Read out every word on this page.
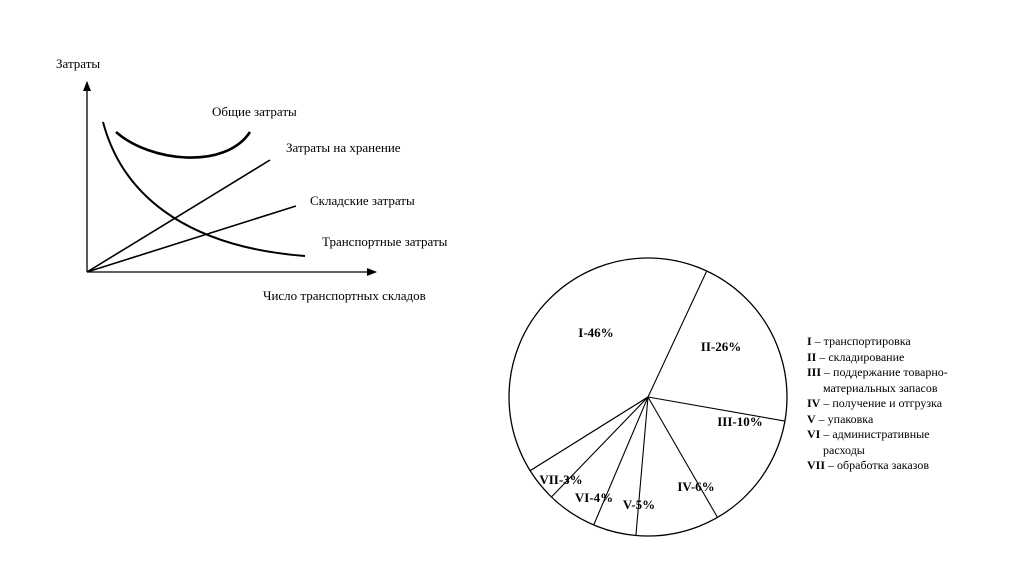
Затраты
Число транспортных складов
Общие затраты
Затраты на хранение
Складские затраты
Транспортные затраты
I-46%
II-26%
III-10%
IV-6%
V-5%
VI-4%
VII-3%
I – транспортировка
II – складирование
III – поддержание товарно-
материальных запасов
IV – получение и отгрузка
V – упаковка
VI – административные
расходы
VII – обработка заказов
